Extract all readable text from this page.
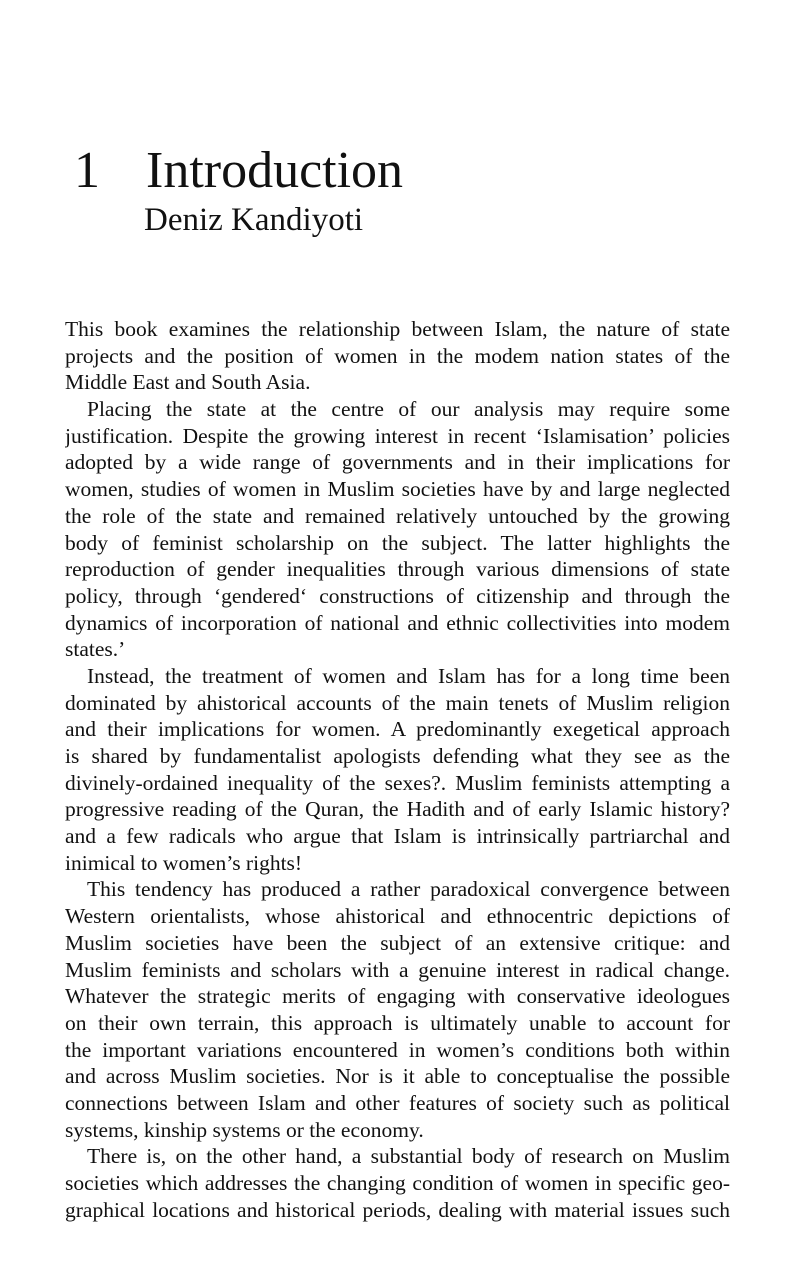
1 Introduction
Deniz Kandiyoti

This book examines the relationship between Islam, the nature of state
projects and the position of women in the modem nation states of the
Middle East and South Asia.

Placing the state at the centre of our analysis may require some
justification. Despite the growing interest in recent ‘Islamisation’ policies
adopted by a wide range of governments and in their implications for
women, studies of women in Muslim societies have by and large neglected
the role of the state and remained relatively untouched by the growing
body of feminist scholarship on the subject. The latter highlights the
reproduction of gender inequalities through various dimensions of state
policy, through ‘gendered‘ constructions of citizenship and through the
dynamics of incorporation of national and ethnic collectivities into modem
states.’

Instead, the treatment of women and Islam has for a long time been
dominated by ahistorical accounts of the main tenets of Muslim religion
and their implications for women. A predominantly exegetical approach
is shared by fundamentalist apologists defending what they see as the
divinely-ordained inequality of the sexes?. Muslim feminists attempting a
progressive reading of the Quran, the Hadith and of early Islamic history?
and a few radicals who argue that Islam is intrinsically partriarchal and
inimical to women’s rights!

This tendency has produced a rather paradoxical convergence between
Western orientalists, whose ahistorical and ethnocentric depictions of
Muslim societies have been the subject of an extensive critique: and
Muslim feminists and scholars with a genuine interest in radical change.
Whatever the strategic merits of engaging with conservative ideologues
on their own terrain, this approach is ultimately unable to account for
the important variations encountered in women’s conditions both within
and across Muslim societies. Nor is it able to conceptualise the possible
connections between Islam and other features of society such as political
systems, kinship systems or the economy.

There is, on the other hand, a substantial body of research on Muslim
societies which addresses the changing condition of women in specific geo-
graphical locations and historical periods, dealing with material issues such
